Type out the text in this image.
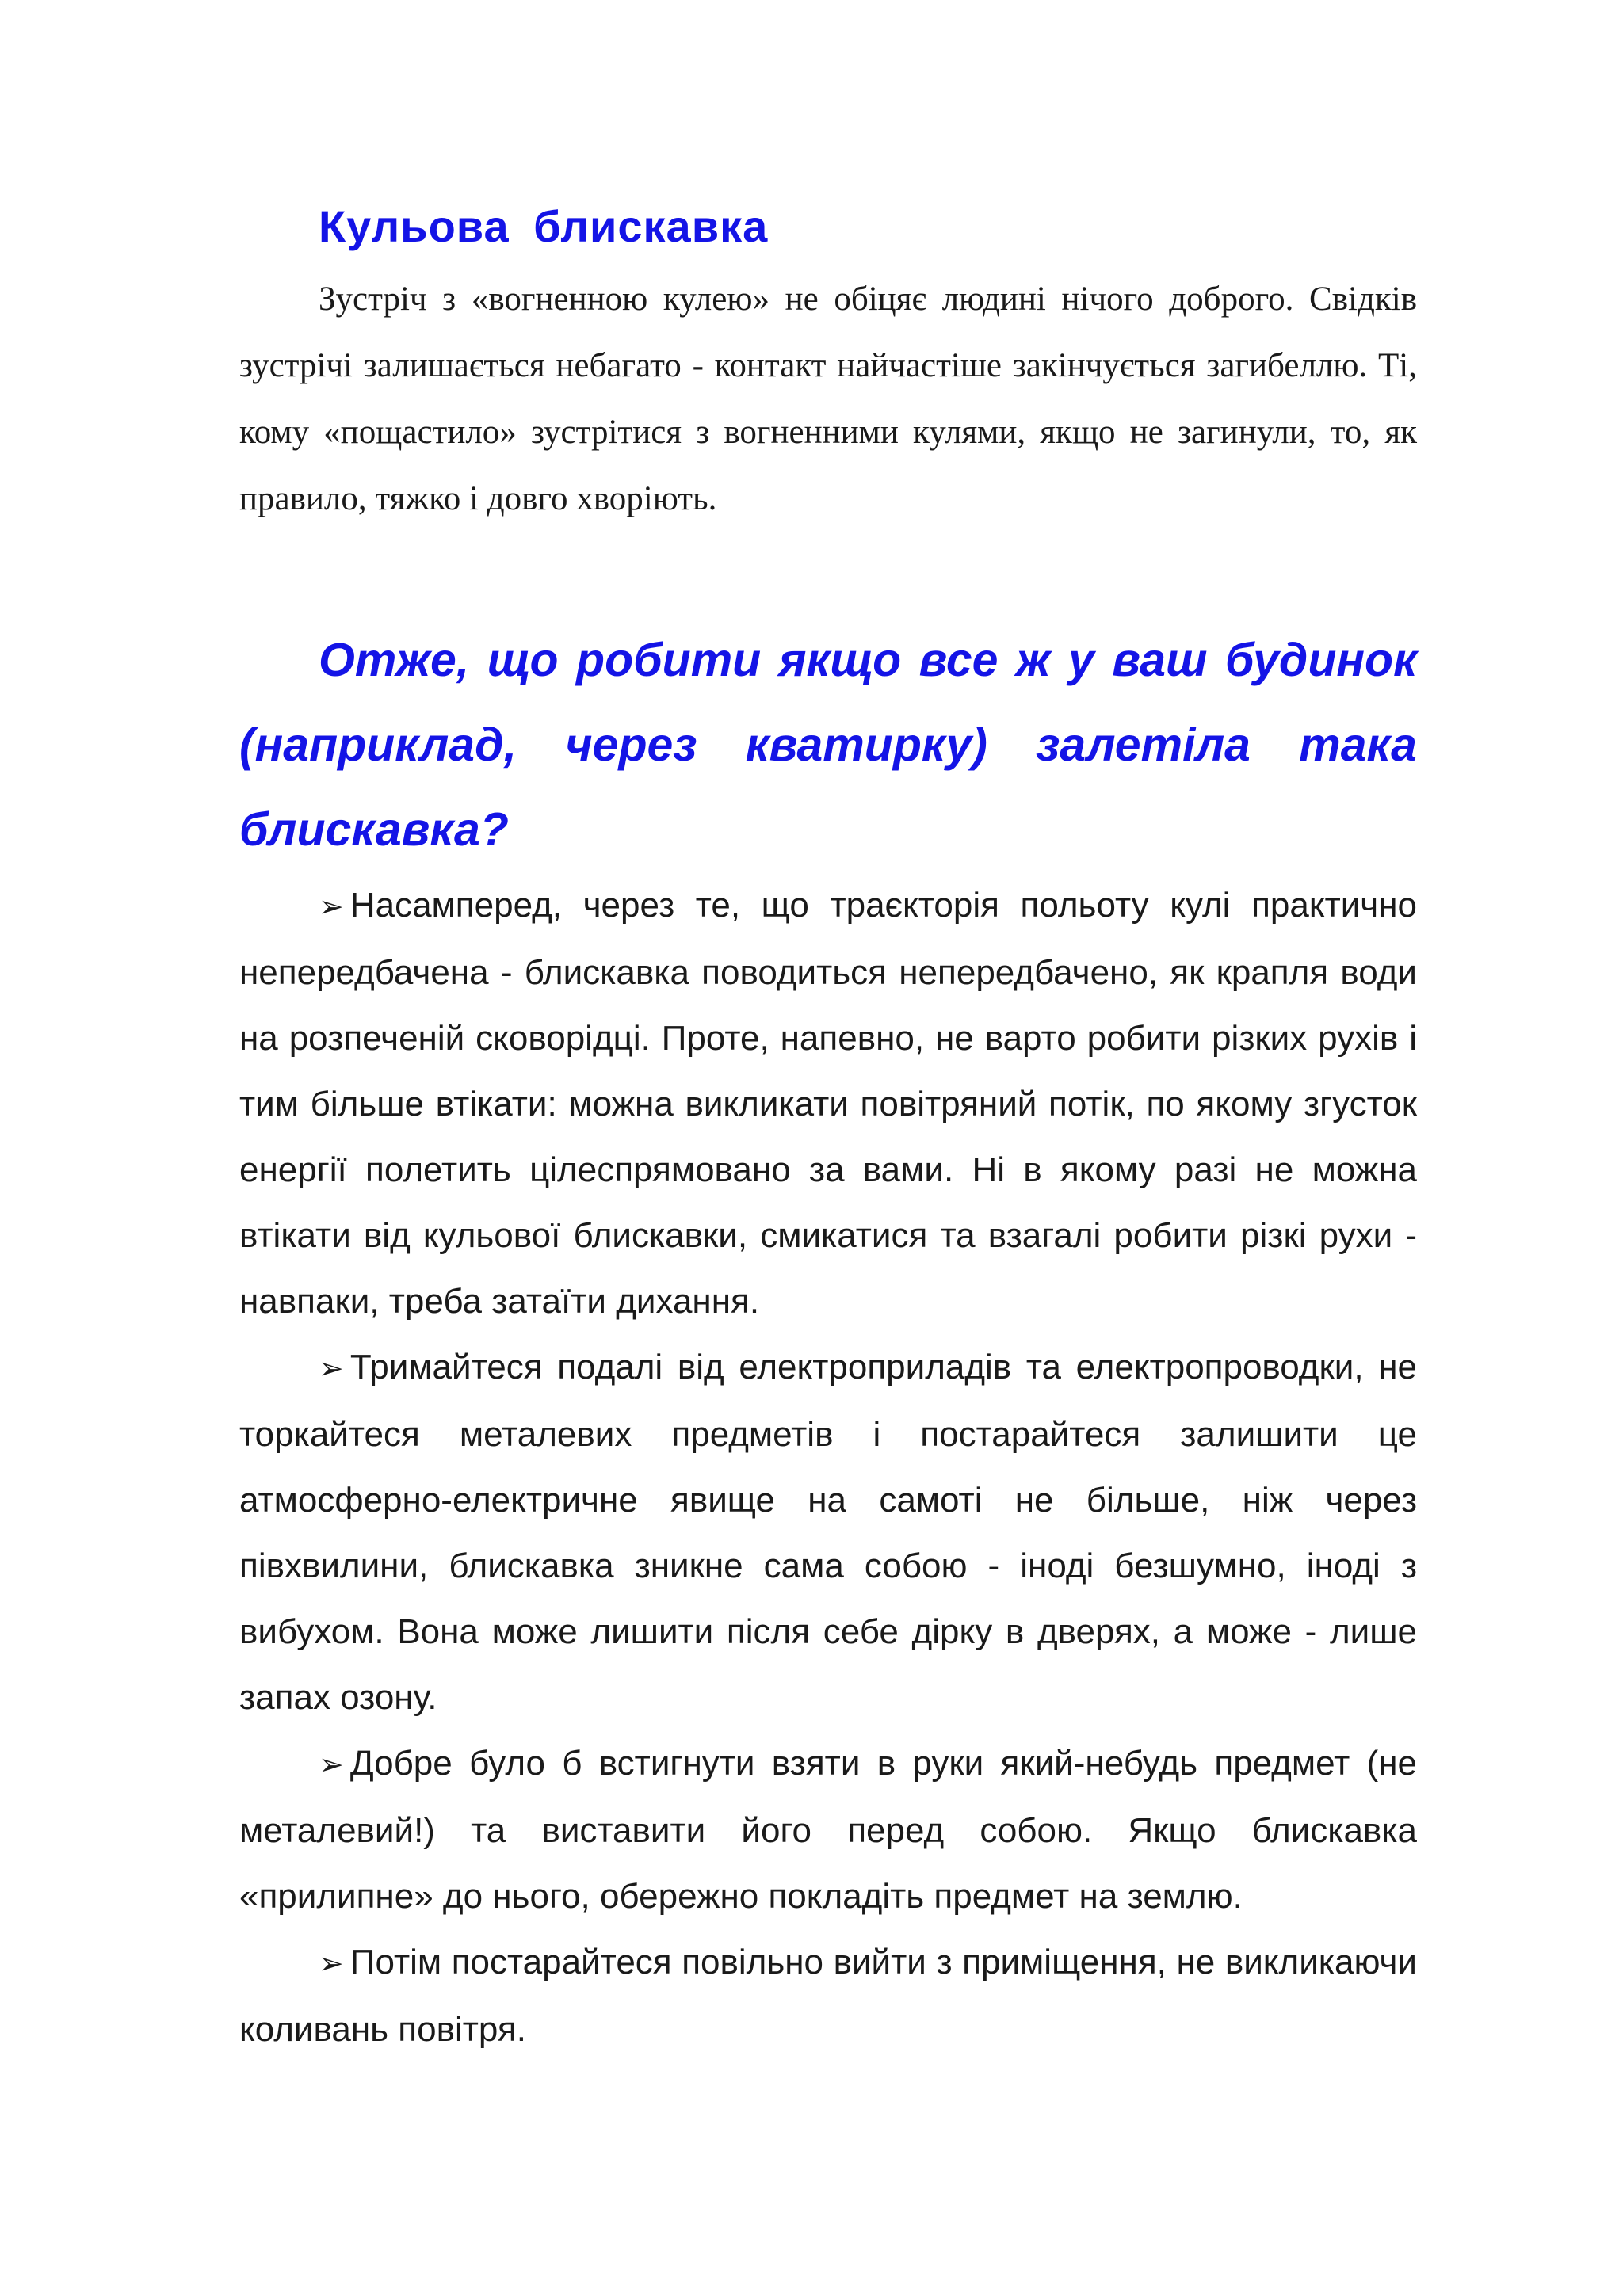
Кульова блискавка

Зустріч з «вогненною кулею» не обіцяє людині нічого доброго. Свідків зустрічі залишається небагато - контакт найчастіше закінчується загибеллю. Ті, кому «пощастило» зустрітися з вогненними кулями, якщо не загинули, то, як правило, тяжко і довго хворіють.

Отже, що робити якщо все ж у ваш будинок (наприклад, через кватирку) залетіла така блискавка?
➢ Насамперед, через те, що траєкторія польоту кулі практично непередбачена - блискавка поводиться непередбачено, як крапля води на розпеченій сковорідці. Проте, напевно, не варто робити різких рухів і тим більше втікати: можна викликати повітряний потік, по якому згусток енергії полетить цілеспрямовано за вами. Ні в якому разі не можна втікати від кульової блискавки, смикатися та взагалі робити різкі рухи - навпаки, треба затаїти дихання.
➢ Тримайтеся подалі від електроприладів та електропроводки, не торкайтеся металевих предметів і постарайтеся залишити це атмосферно-електричне явище на самоті не більше, ніж через півхвилини, блискавка зникне сама собою - іноді безшумно, іноді з вибухом. Вона може лишити після себе дірку в дверях, а може - лише запах озону.
➢ Добре було б встигнути взяти в руки який-небудь предмет (не металевий!) та виставити його перед собою. Якщо блискавка «прилипне» до нього, обережно покладіть предмет на землю.
➢ Потім постарайтеся повільно вийти з приміщення, не викликаючи коливань повітря.
